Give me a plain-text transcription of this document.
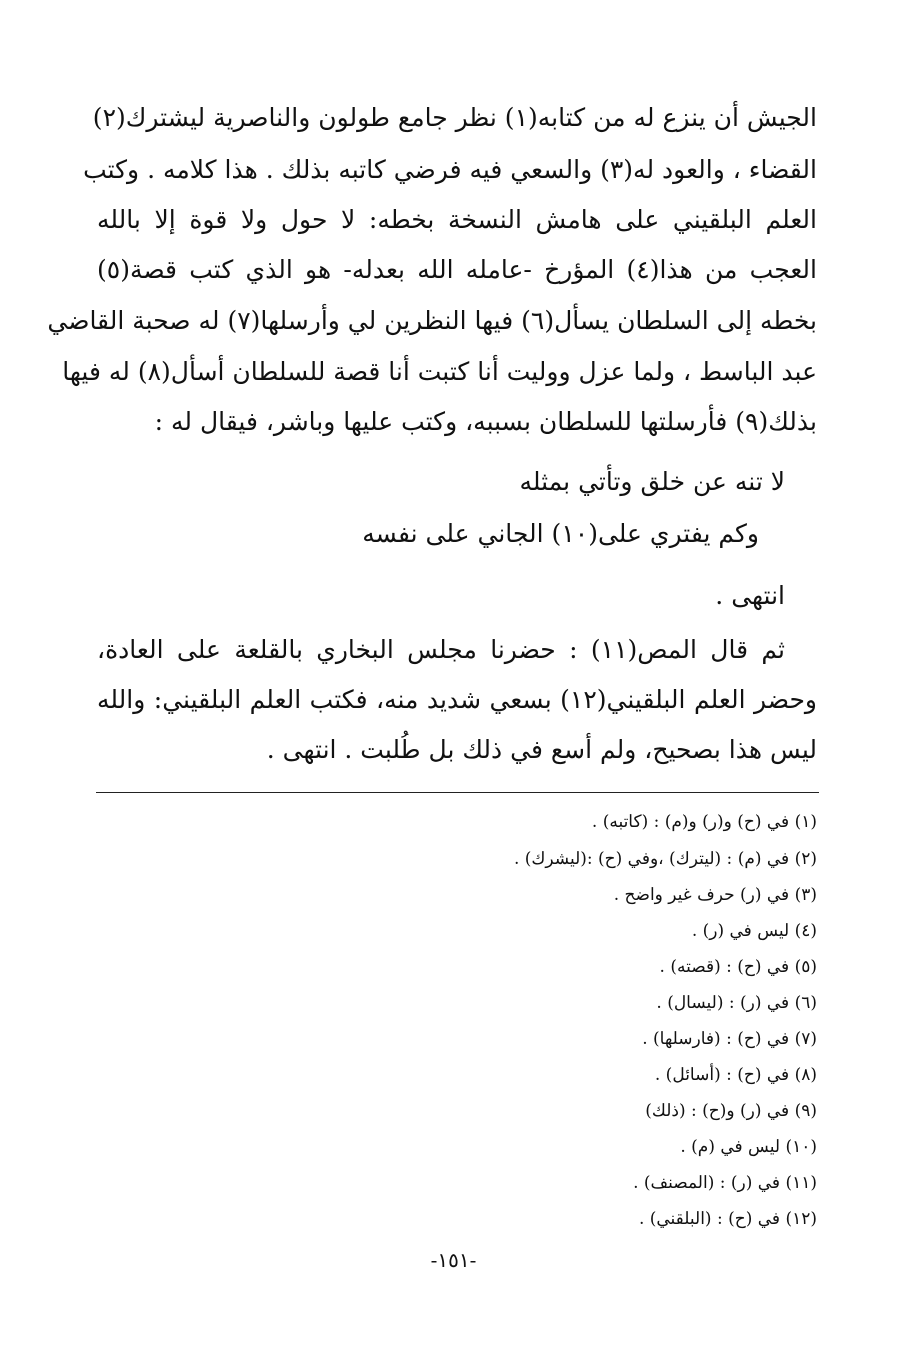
الجيش أن ينزع له من كتابه(١) نظر جامع طولون والناصرية ليشترك(٢)
القضاء ، والعود له(٣) والسعي فيه فرضي كاتبه بذلك . هذا كلامه . وكتب
العلم البلقيني على هامش النسخة بخطه: لا حول ولا قوة إلا بالله
العجب من هذا(٤) المؤرخ -عامله الله بعدله- هو الذي كتب قصة(٥)
بخطه إلى السلطان يسأل(٦) فيها النظرين لي وأرسلها(٧) له صحبة القاضي
عبد الباسط ، ولما عزل ووليت أنا كتبت أنا قصة للسلطان أسأل(٨) له فيها
بذلك(٩) فأرسلتها للسلطان بسببه، وكتب عليها وباشر، فيقال له :
لا تنه عن خلق وتأتي بمثله
وكم يفتري على(١٠) الجاني على نفسه
انتهى .
ثم قال المص(١١) : حضرنا مجلس البخاري بالقلعة على العادة،
وحضر العلم البلقيني(١٢) بسعي شديد منه، فكتب العلم البلقيني: والله
ليس هذا بصحيح، ولم أسع في ذلك بل طُلبت . انتهى .
(١) في (ح) و(ر) و(م) : (كاتبه) .
(٢) في (م) : (ليترك) ،وفي (ح) :(ليشرك) .
(٣) في (ر) حرف غير واضح .
(٤) ليس في (ر) .
(٥) في (ح) : (قصته) .
(٦) في (ر) : (ليسال) .
(٧) في (ح) : (فارسلها) .
(٨) في (ح) : (أسائل) .
(٩) في (ر) و(ح) : (ذلك)
(١٠) ليس في (م) .
(١١) في (ر) : (المصنف) .
(١٢) في (ح) : (البلقني) .
-١٥١-
